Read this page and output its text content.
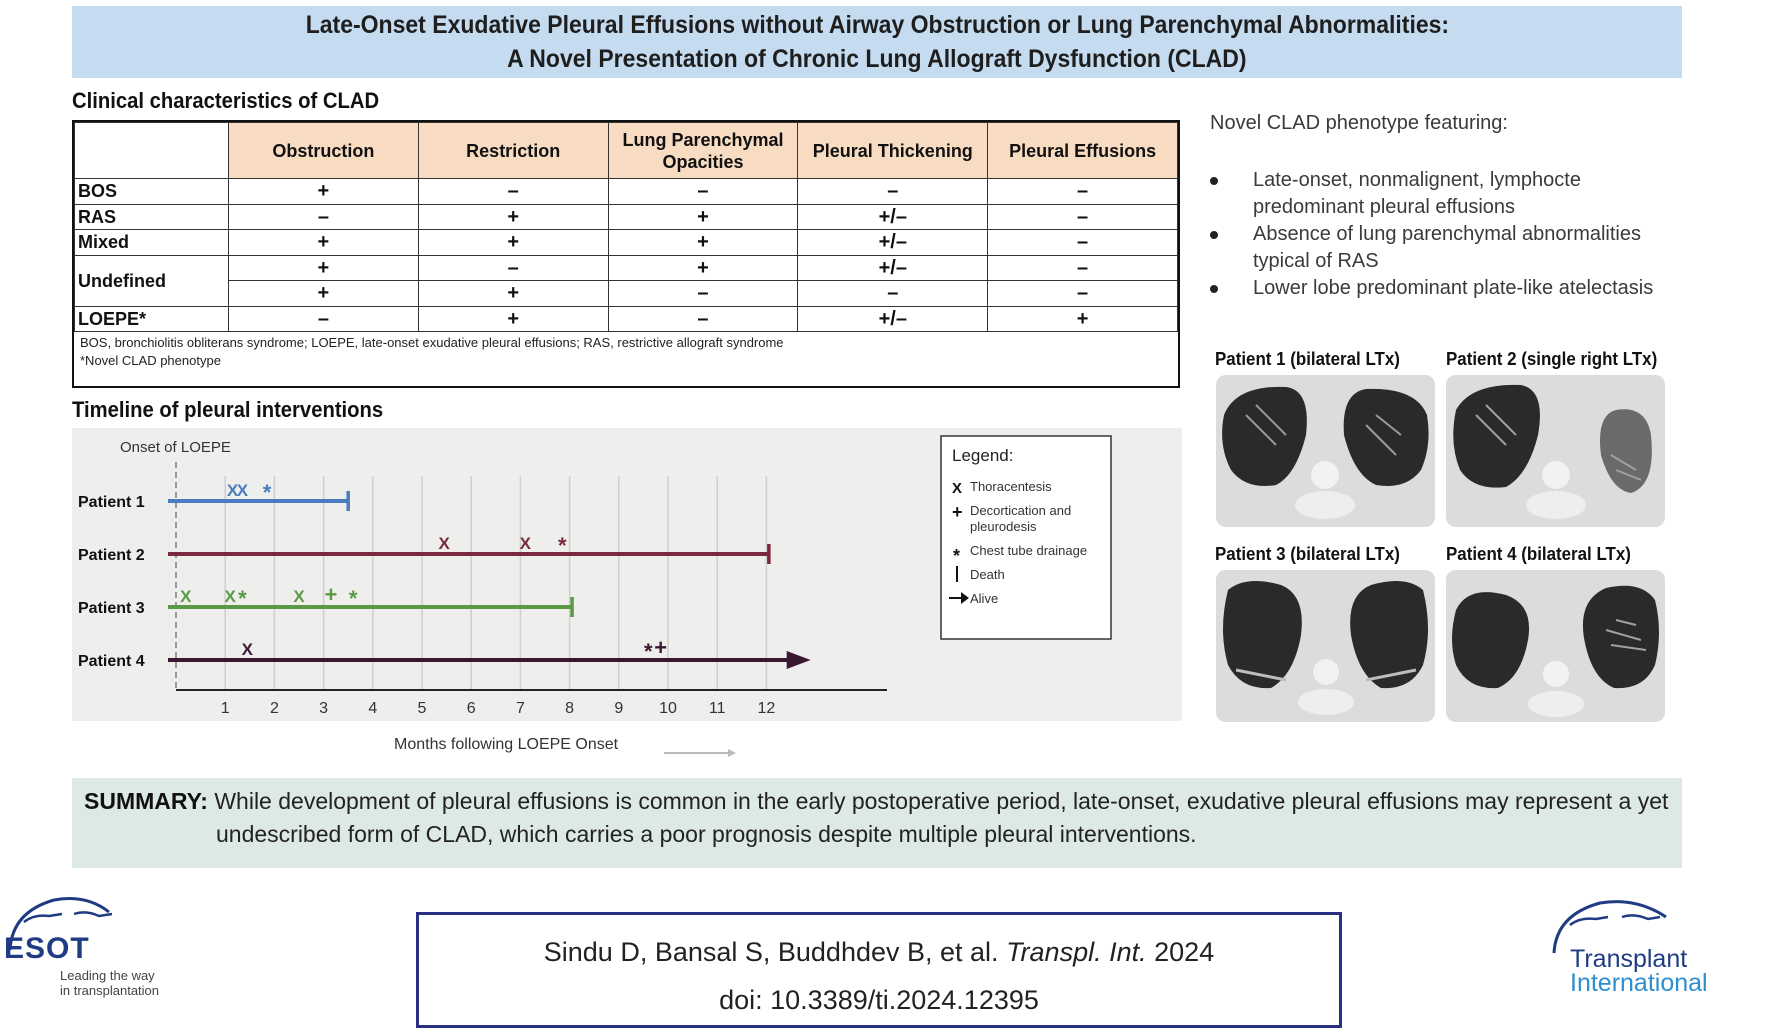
Late-Onset Exudative Pleural Effusions without Airway Obstruction or Lung Parenchymal Abnormalities:
A Novel Presentation of Chronic Lung Allograft Dysfunction (CLAD)
Clinical characteristics of CLAD
	Obstruction	Restriction	Lung Parenchymal Opacities	Pleural Thickening	Pleural Effusions
BOS	+	–	–	–	–
RAS	–	+	+	+/–	–
Mixed	+	+	+	+/–	–
Undefined	+	–	+	+/–	–
	+	+	–	–	–
LOEPE*	–	+	–	+/–	+
BOS, bronchiolitis obliterans syndrome; LOEPE, late-onset exudative pleural effusions; RAS, restrictive allograft syndrome
*Novel CLAD phenotype
Novel CLAD phenotype featuring:
Late-onset, nonmalignent, lymphocte predominant pleural effusions
Absence of lung parenchymal abnormalities typical of RAS
Lower lobe predominant plate-like atelectasis
Patient 1 (bilateral LTx)	Patient 2 (single right LTx)
Patient 3 (bilateral LTx)	Patient 4 (bilateral LTx)
Timeline of pleural interventions
Onset of LOEPE
1	2	3	4	5	6	7	8	9 10 11 12
Patient 1
X
X *
Patient 2
X	X *
Patient 3
X X *	X + *
Patient 4
X	* +
Legend:
X Thoracentesis
+ Decortication and
pleurodesis
* Chest tube drainage
Death
Alive
Months following LOEPE Onset
SUMMARY: While development of pleural effusions is common in the early postoperative period, late-onset, exudative pleural effusions may represent a yet undescribed form of CLAD, which carries a poor prognosis despite multiple pleural interventions.
Sindu D, Bansal S, Buddhdev B, et al. Transpl. Int. 2024
doi: 10.3389/ti.2024.12395
ESOT
Leading the way
in transplantation
Transplant
International
